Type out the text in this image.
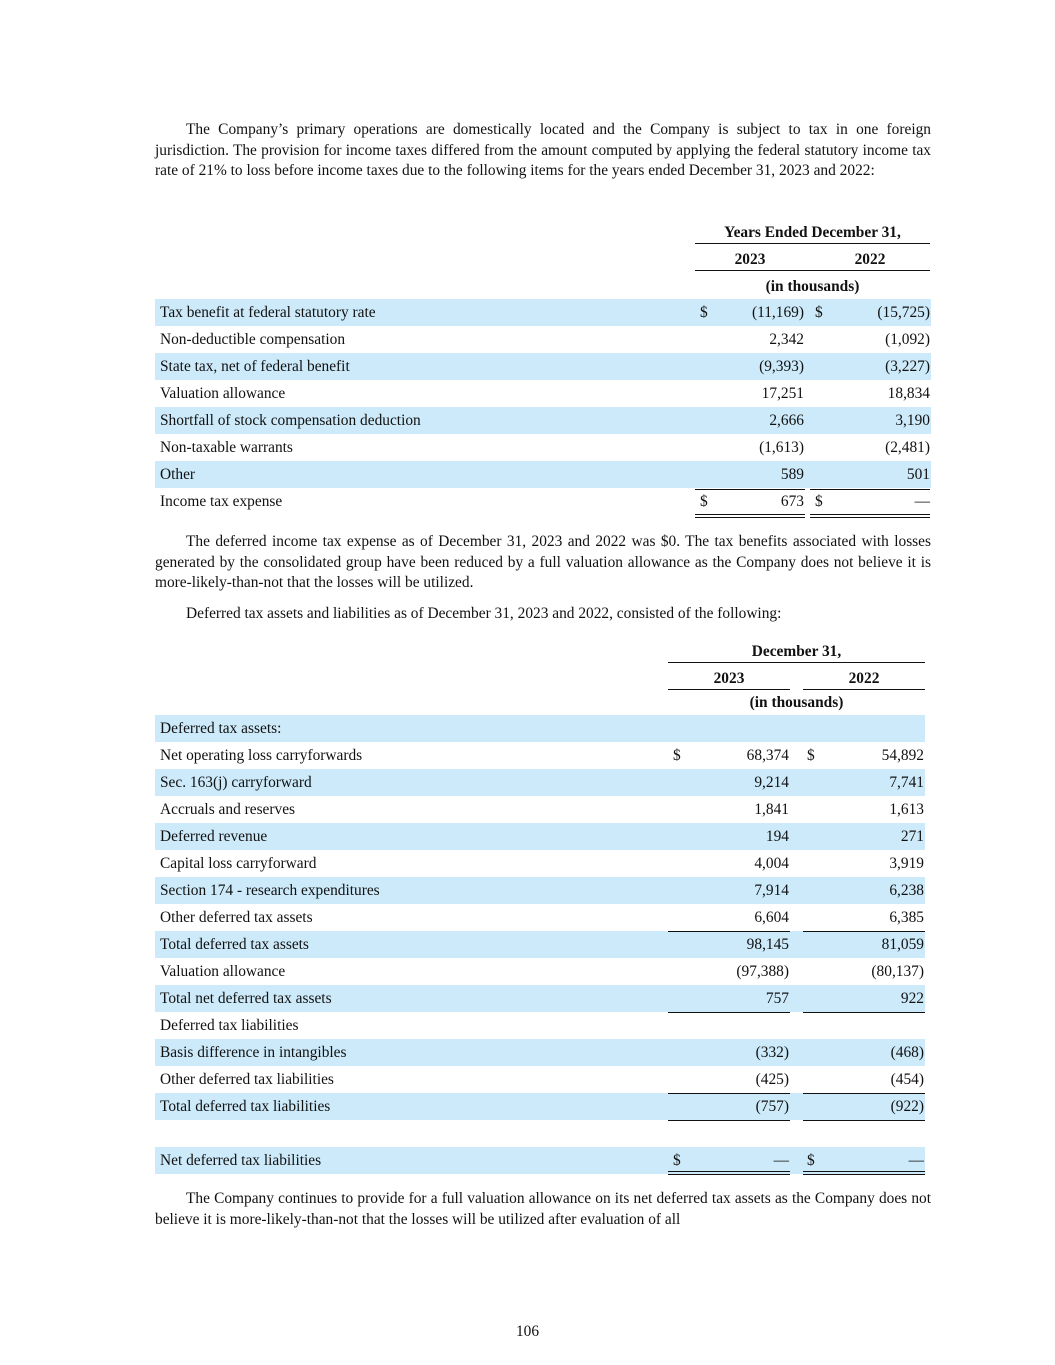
The Company’s primary operations are domestically located and the Company is subject to tax in one foreign jurisdiction. The provision for income taxes differed from the amount computed by applying the federal statutory income tax rate of 21% to loss before income taxes due to the following items for the years ended December 31, 2023 and 2022:

Years Ended December 31,
2023	2022
(in thousands)
Tax benefit at federal statutory rate	$	(11,169) $	(15,725)
Non-deductible compensation	2,342	(1,092)
State tax, net of federal benefit	(9,393)	(3,227)
Valuation allowance	17,251	18,834
Shortfall of stock compensation deduction	2,666	3,190
Non-taxable warrants	(1,613)	(2,481)
Other	589	501
Income tax expense	$	673 $	—

The deferred income tax expense as of December 31, 2023 and 2022 was $0. The tax benefits associated with losses generated by the consolidated group have been reduced by a full valuation allowance as the Company does not believe it is more-likely-than-not that the losses will be utilized.

Deferred tax assets and liabilities as of December 31, 2023 and 2022, consisted of the following:

December 31,
2023	2022
(in thousands)
Deferred tax assets:
Net operating loss carryforwards	$	68,374 $	54,892
Sec. 163(j) carryforward	9,214	7,741
Accruals and reserves	1,841	1,613
Deferred revenue	194	271
Capital loss carryforward	4,004	3,919
Section 174 - research expenditures	7,914	6,238
Other deferred tax assets	6,604	6,385
Total deferred tax assets	98,145	81,059
Valuation allowance	(97,388)	(80,137)
Total net deferred tax assets	757	922
Deferred tax liabilities
Basis difference in intangibles	(332)	(468)
Other deferred tax liabilities	(425)	(454)
Total deferred tax liabilities	(757)	(922)
Net deferred tax liabilities	$	— $	—

The Company continues to provide for a full valuation allowance on its net deferred tax assets as the Company does not believe it is more-likely-than-not that the losses will be utilized after evaluation of all

106
